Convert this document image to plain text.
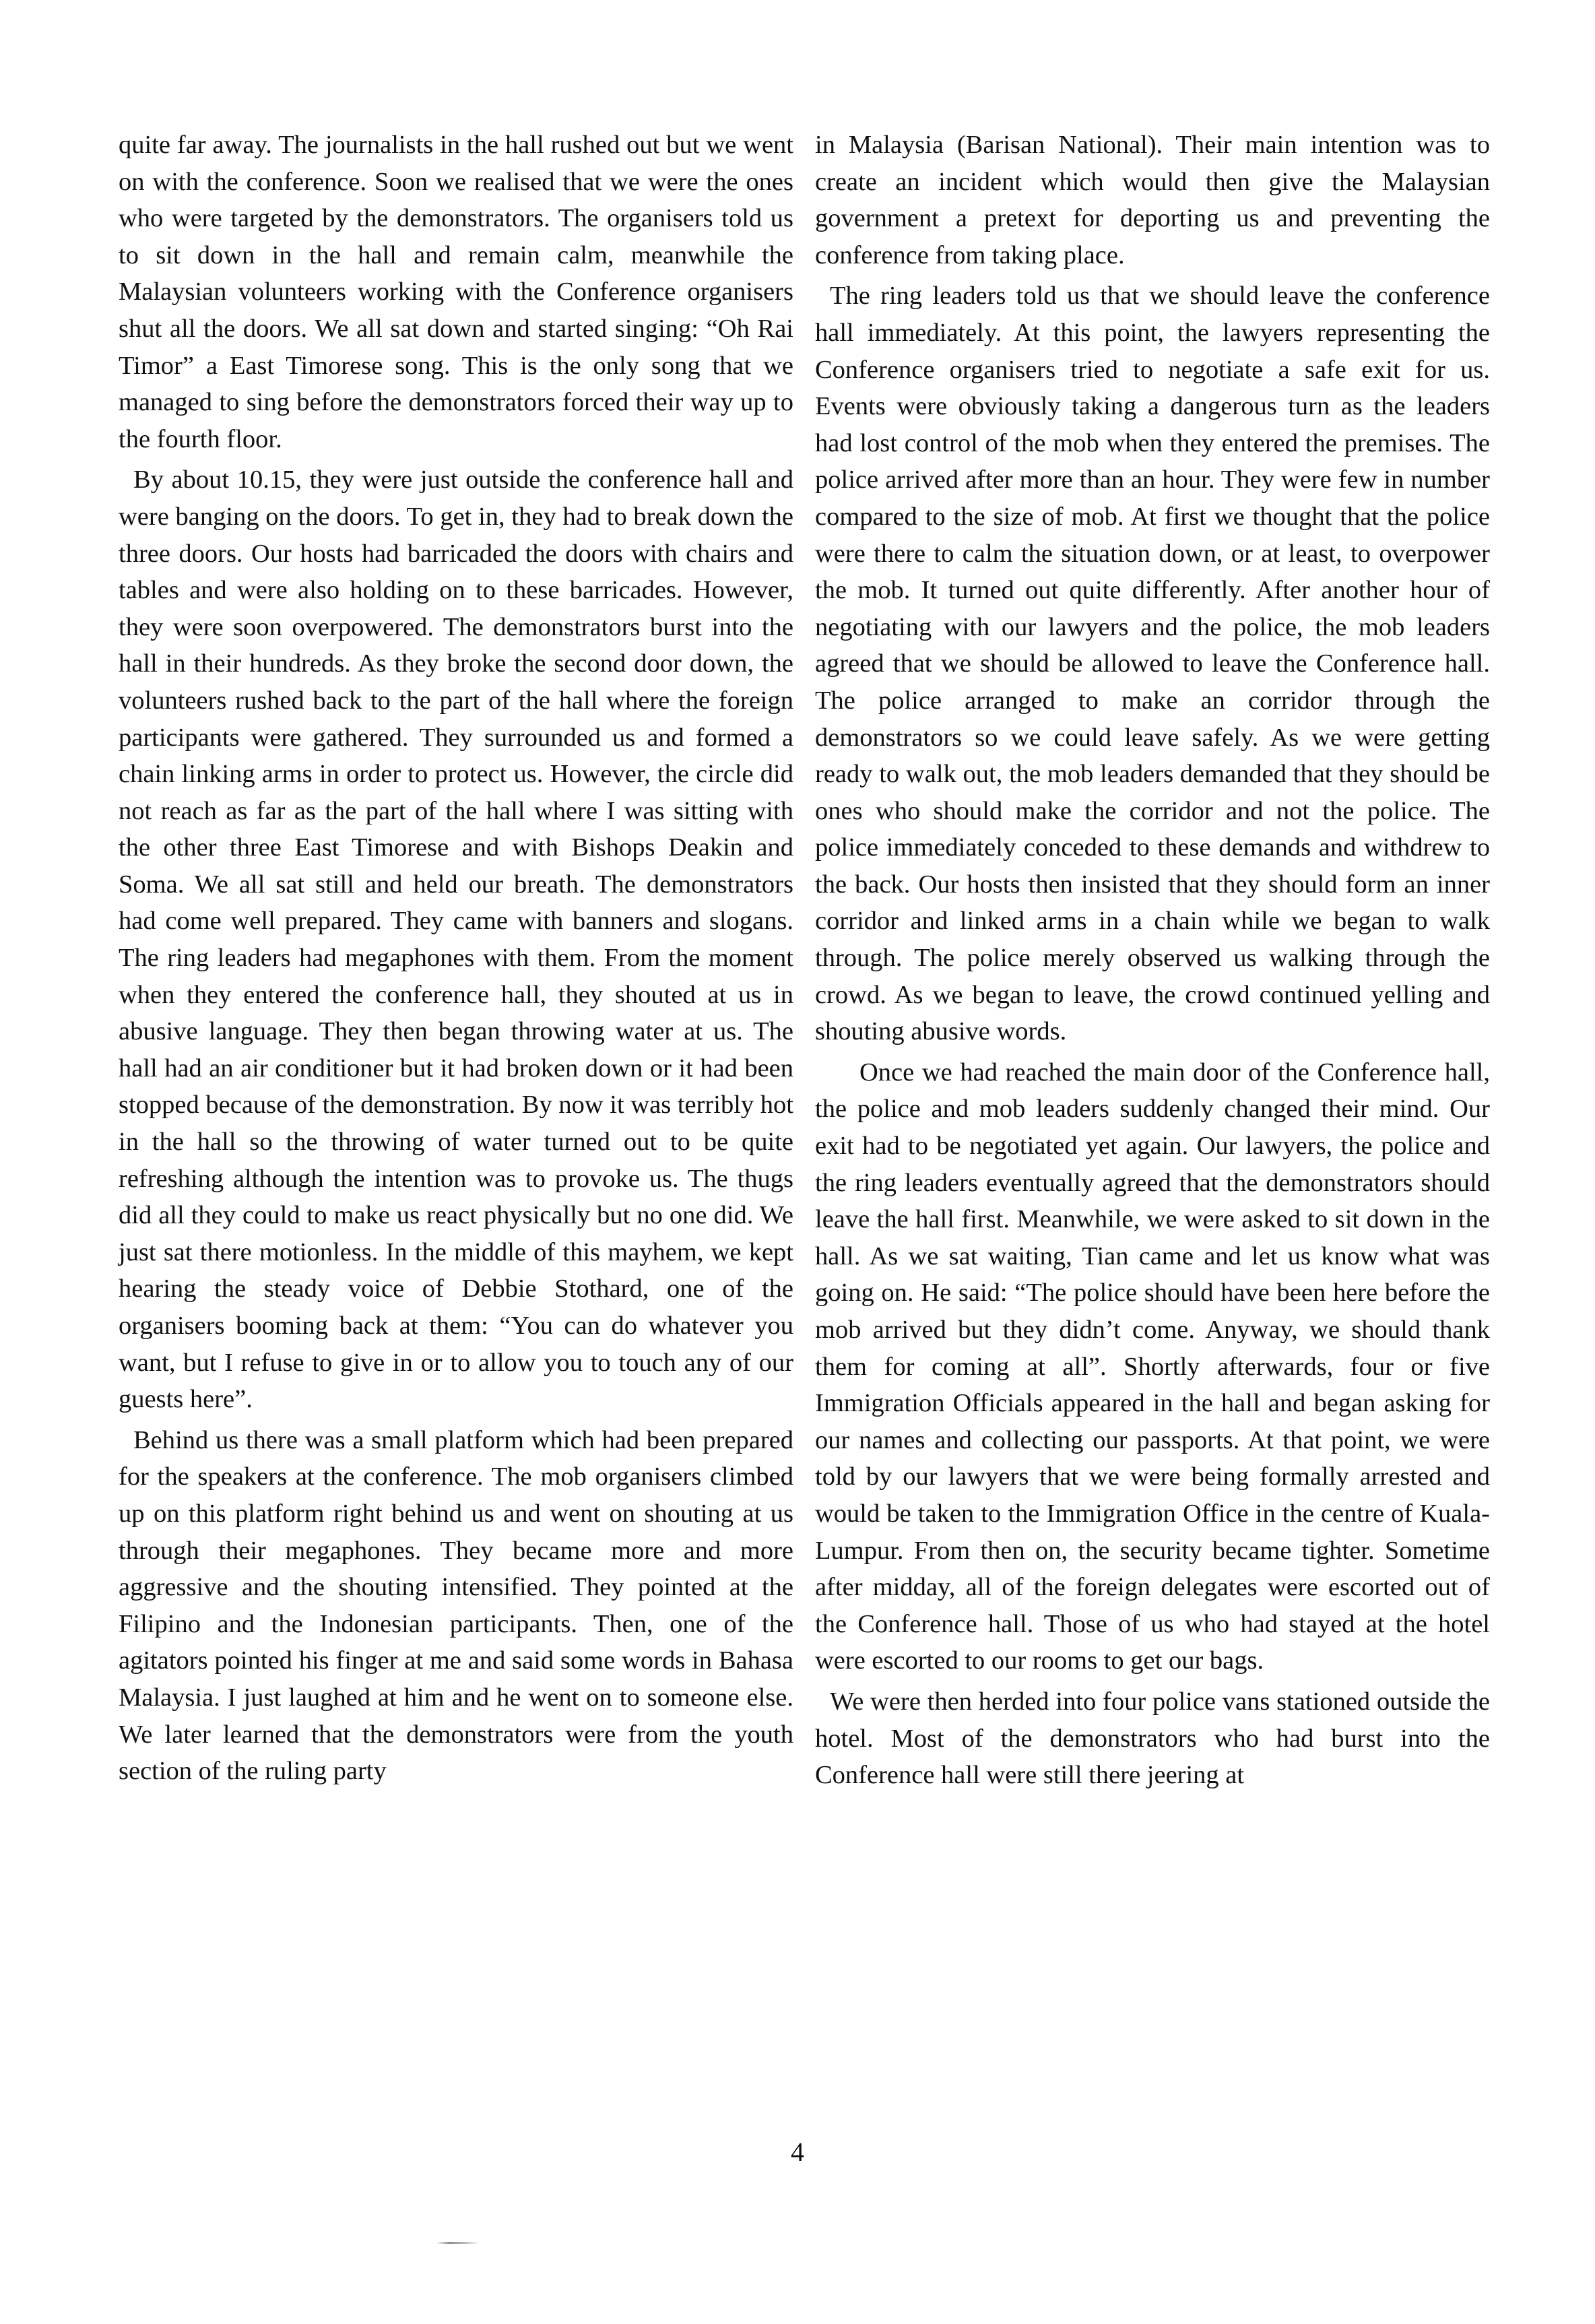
quite far away. The journalists in the hall rushed out but we went on with the conference. Soon we realised that we were the ones who were targeted by the demonstrators. The organisers told us to sit down in the hall and remain calm, meanwhile the Malaysian volunteers working with the Conference organisers shut all the doors. We all sat down and started singing: “Oh Rai Timor” a East Timorese song. This is the only song that we managed to sing before the demonstrators forced their way up to the fourth floor.

By about 10.15, they were just outside the conference hall and were banging on the doors. To get in, they had to break down the three doors. Our hosts had barricaded the doors with chairs and tables and were also holding on to these barricades. However, they were soon overpowered. The demonstrators burst into the hall in their hundreds. As they broke the second door down, the volunteers rushed back to the part of the hall where the foreign participants were gathered. They surrounded us and formed a chain linking arms in order to protect us. However, the circle did not reach as far as the part of the hall where I was sitting with the other three East Timorese and with Bishops Deakin and Soma. We all sat still and held our breath. The demonstrators had come well prepared. They came with banners and slogans. The ring leaders had megaphones with them. From the moment when they entered the conference hall, they shouted at us in abusive language. They then began throwing water at us. The hall had an air conditioner but it had broken down or it had been stopped because of the demonstration. By now it was terribly hot in the hall so the throwing of water turned out to be quite refreshing although the intention was to provoke us. The thugs did all they could to make us react physically but no one did. We just sat there motionless. In the middle of this mayhem, we kept hearing the steady voice of Debbie Stothard, one of the organisers booming back at them: “You can do whatever you want, but I refuse to give in or to allow you to touch any of our guests here”.

Behind us there was a small platform which had been prepared for the speakers at the conference. The mob organisers climbed up on this platform right behind us and went on shouting at us through their megaphones. They became more and more aggressive and the shouting intensified. They pointed at the Filipino and the Indonesian participants. Then, one of the agitators pointed his finger at me and said some words in Bahasa Malaysia. I just laughed at him and he went on to someone else. We later learned that the demonstrators were from the youth section of the ruling party

in Malaysia (Barisan National). Their main intention was to create an incident which would then give the Malaysian government a pretext for deporting us and preventing the conference from taking place.

The ring leaders told us that we should leave the conference hall immediately. At this point, the lawyers representing the Conference organisers tried to negotiate a safe exit for us. Events were obviously taking a dangerous turn as the leaders had lost control of the mob when they entered the premises. The police arrived after more than an hour. They were few in number compared to the size of mob. At first we thought that the police were there to calm the situation down, or at least, to overpower the mob. It turned out quite differently. After another hour of negotiating with our lawyers and the police, the mob leaders agreed that we should be allowed to leave the Conference hall. The police arranged to make an corridor through the demonstrators so we could leave safely. As we were getting ready to walk out, the mob leaders demanded that they should be ones who should make the corridor and not the police. The police immediately conceded to these demands and withdrew to the back. Our hosts then insisted that they should form an inner corridor and linked arms in a chain while we began to walk through. The police merely observed us walking through the crowd. As we began to leave, the crowd continued yelling and shouting abusive words.

Once we had reached the main door of the Conference hall, the police and mob leaders suddenly changed their mind. Our exit had to be negotiated yet again. Our lawyers, the police and the ring leaders eventually agreed that the demonstrators should leave the hall first. Meanwhile, we were asked to sit down in the hall. As we sat waiting, Tian came and let us know what was going on. He said: “The police should have been here before the mob arrived but they didn’t come. Anyway, we should thank them for coming at all”. Shortly afterwards, four or five Immigration Officials appeared in the hall and began asking for our names and collecting our passports. At that point, we were told by our lawyers that we were being formally arrested and would be taken to the Immigration Office in the centre of Kuala-Lumpur. From then on, the security became tighter. Sometime after midday, all of the foreign delegates were escorted out of the Conference hall. Those of us who had stayed at the hotel were escorted to our rooms to get our bags.

We were then herded into four police vans stationed outside the hotel. Most of the demonstrators who had burst into the Conference hall were still there jeering at

4
